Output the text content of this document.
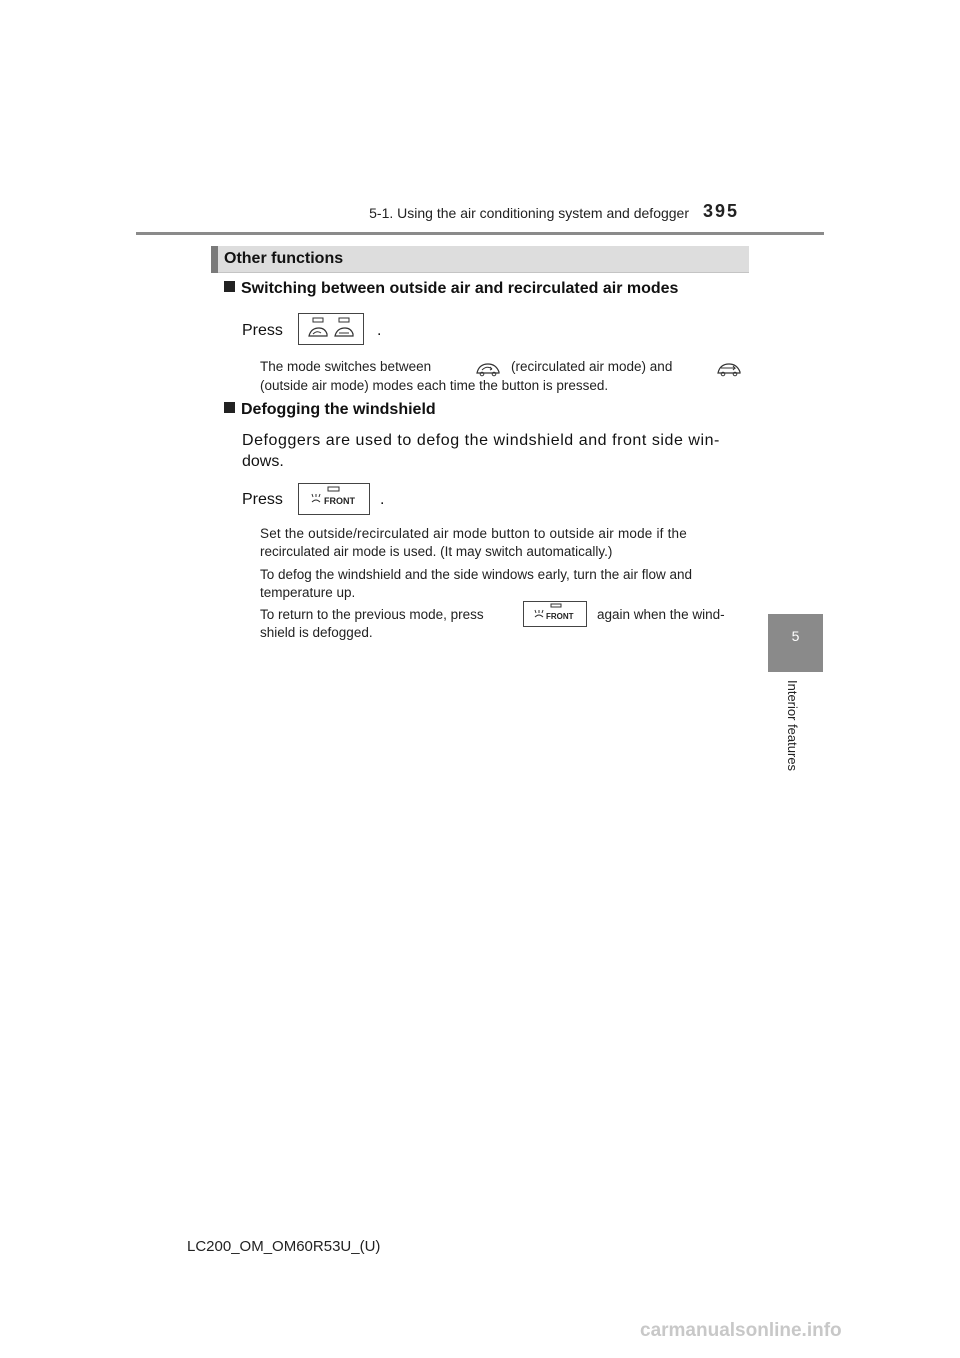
5-1. Using the air conditioning system and defogger 395
5
Interior features
Other functions
Switching between outside air and recirculated air modes
Press	.
The mode switches between	(recirculated air mode) and
(outside air mode) modes each time the button is pressed.
Defogging the windshield
Defoggers are used to defog the windshield and front side win-
dows.
Press	FRONT .
Set the outside/recirculated air mode button to outside air mode if the
recirculated air mode is used. (It may switch automatically.)
To defog the windshield and the side windows early, turn the air flow and
temperature up.
To return to the previous mode, press	FRONT again when the wind-
shield is defogged.
LC200_OM_OM60R53U_(U)
carmanualsonline.info
